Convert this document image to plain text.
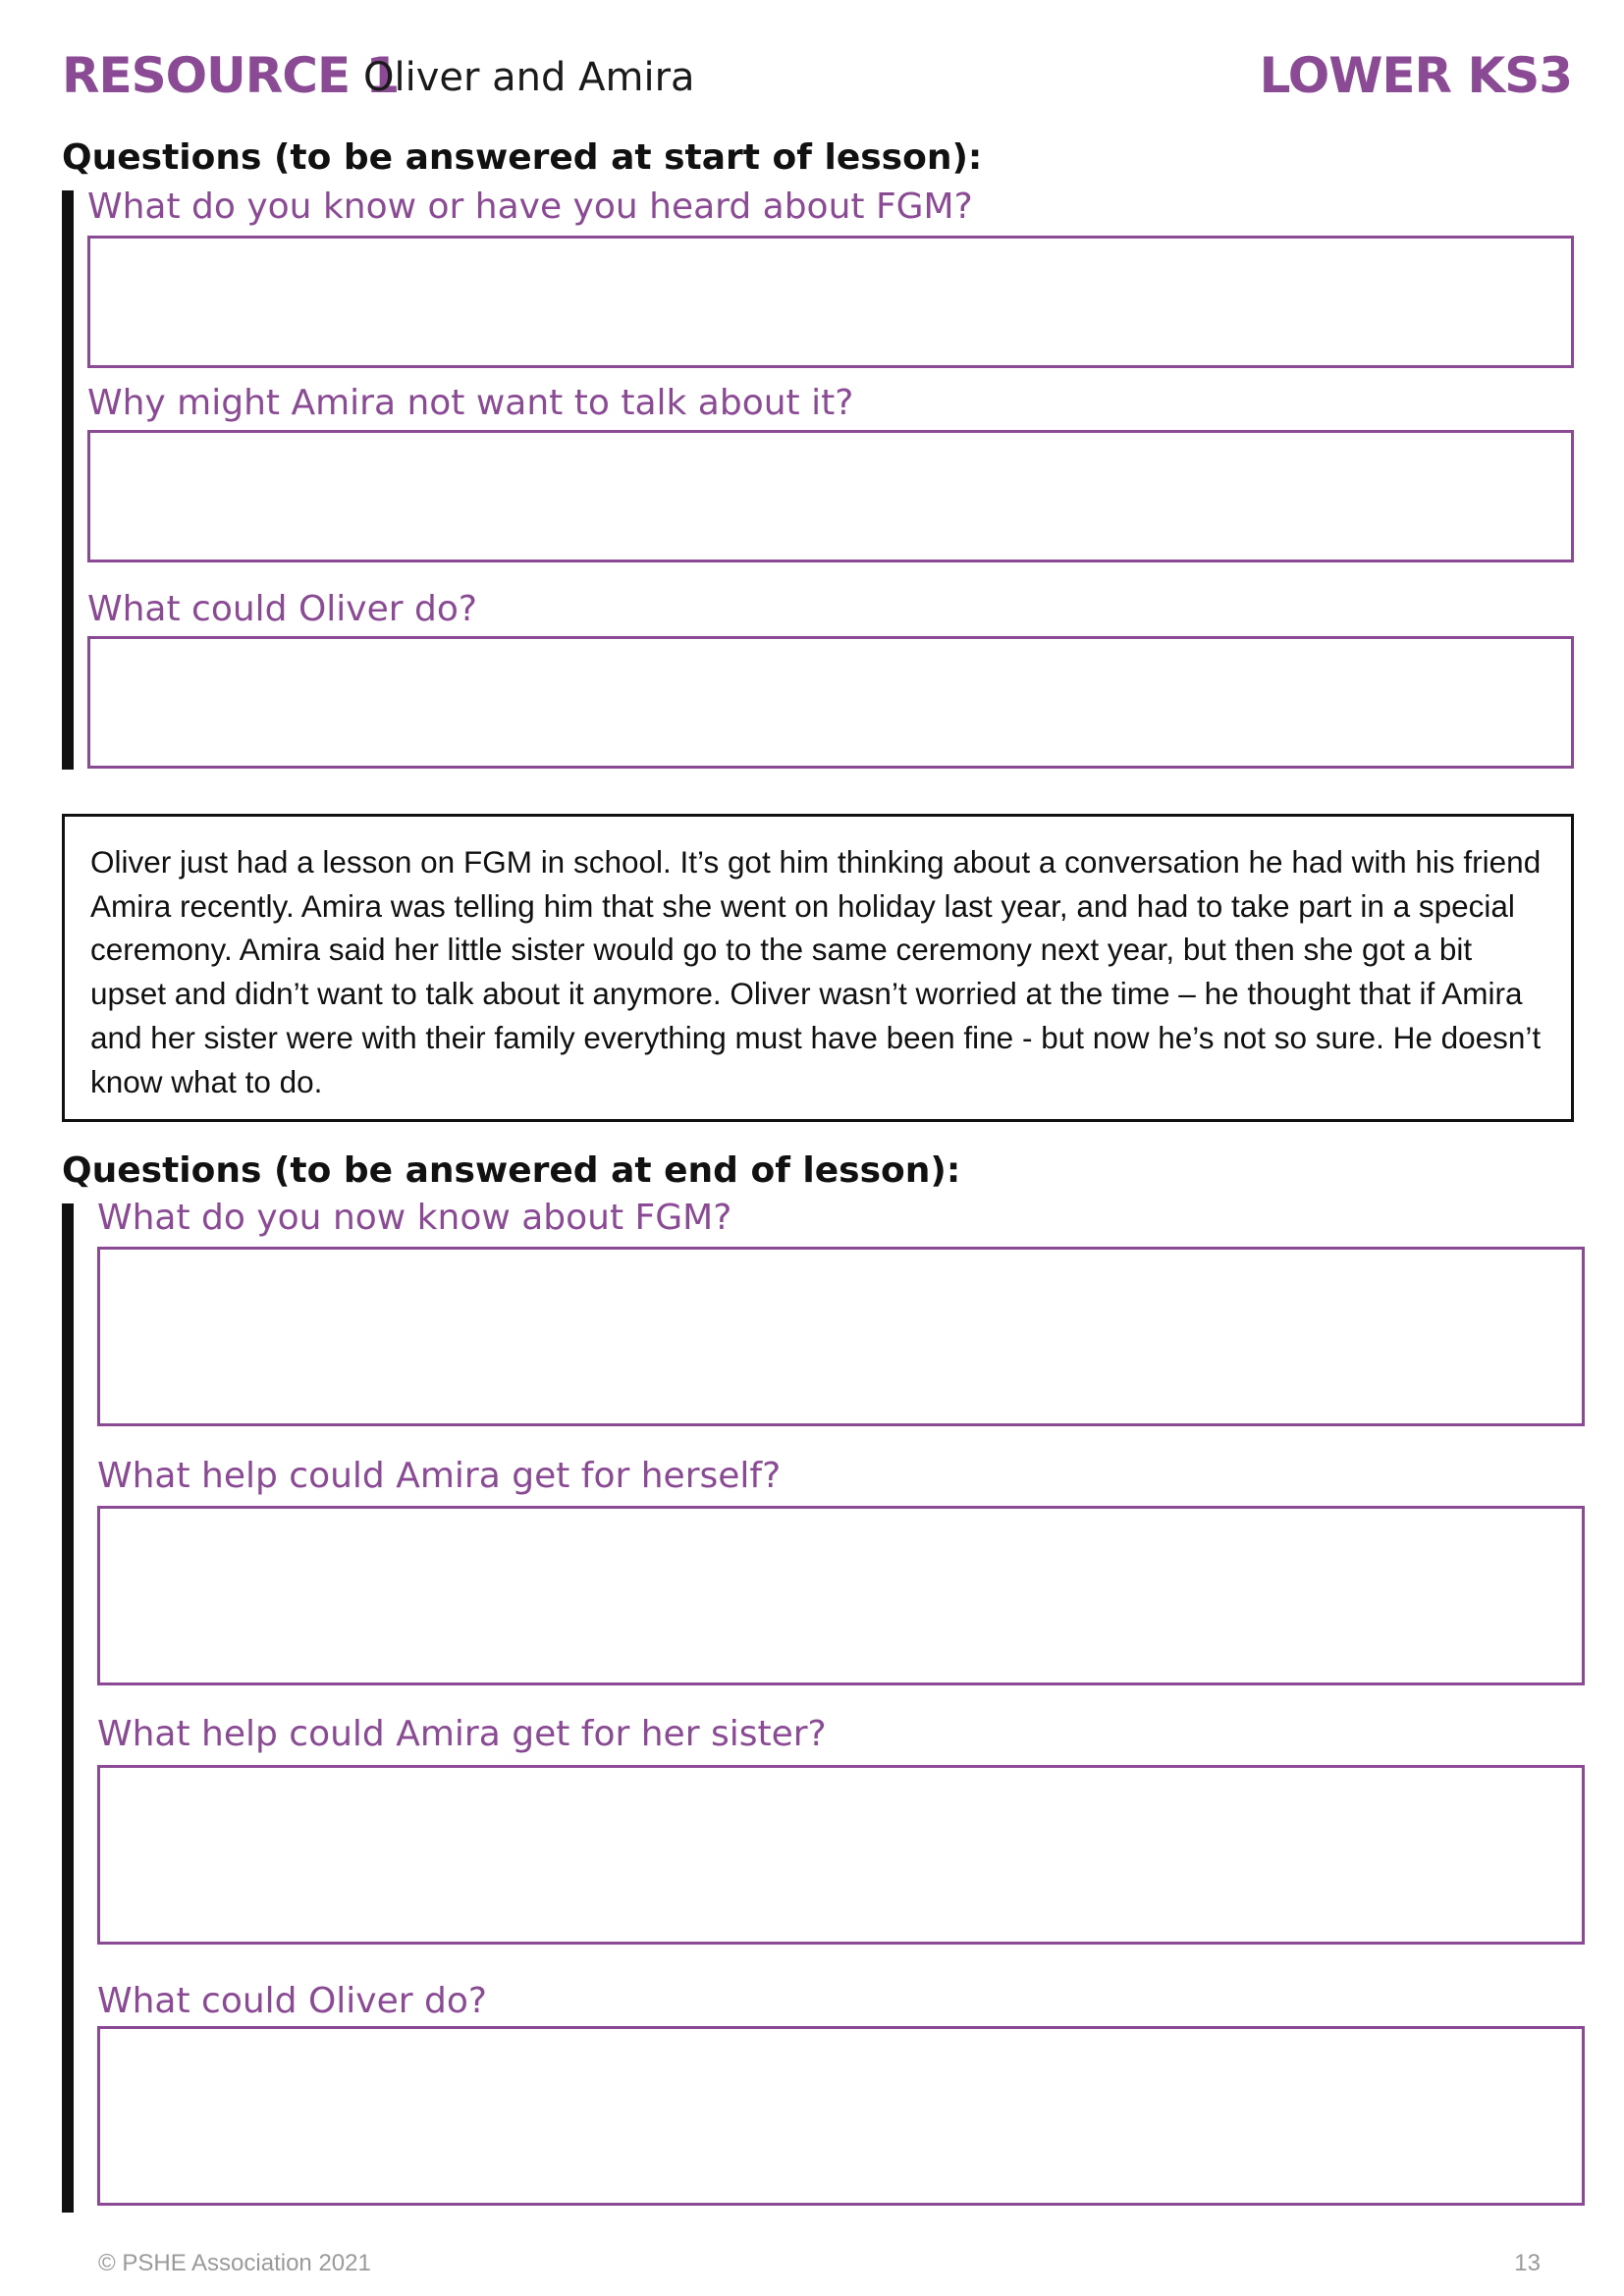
RESOURCE 1
Oliver and Amira	LOWER KS3
Questions (to be answered at start of lesson):
What do you know or have you heard about FGM?
Why might Amira not want to talk about it?
What could Oliver do?
Oliver just had a lesson on FGM in school. It’s got him thinking about a conversation he had with his friend Amira recently. Amira was telling him that she went on holiday last year, and had to take part in a special ceremony. Amira said her little sister would go to the same ceremony next year, but then she got a bit upset and didn’t want to talk about it anymore. Oliver wasn’t worried at the time – he thought that if Amira and her sister were with their family everything must have been fine - but now he’s not so sure. He doesn’t know what to do.
Questions (to be answered at end of lesson):
What do you now know about FGM?
What help could Amira get for herself?
What help could Amira get for her sister?
What could Oliver do?
© PSHE Association 2021	13
